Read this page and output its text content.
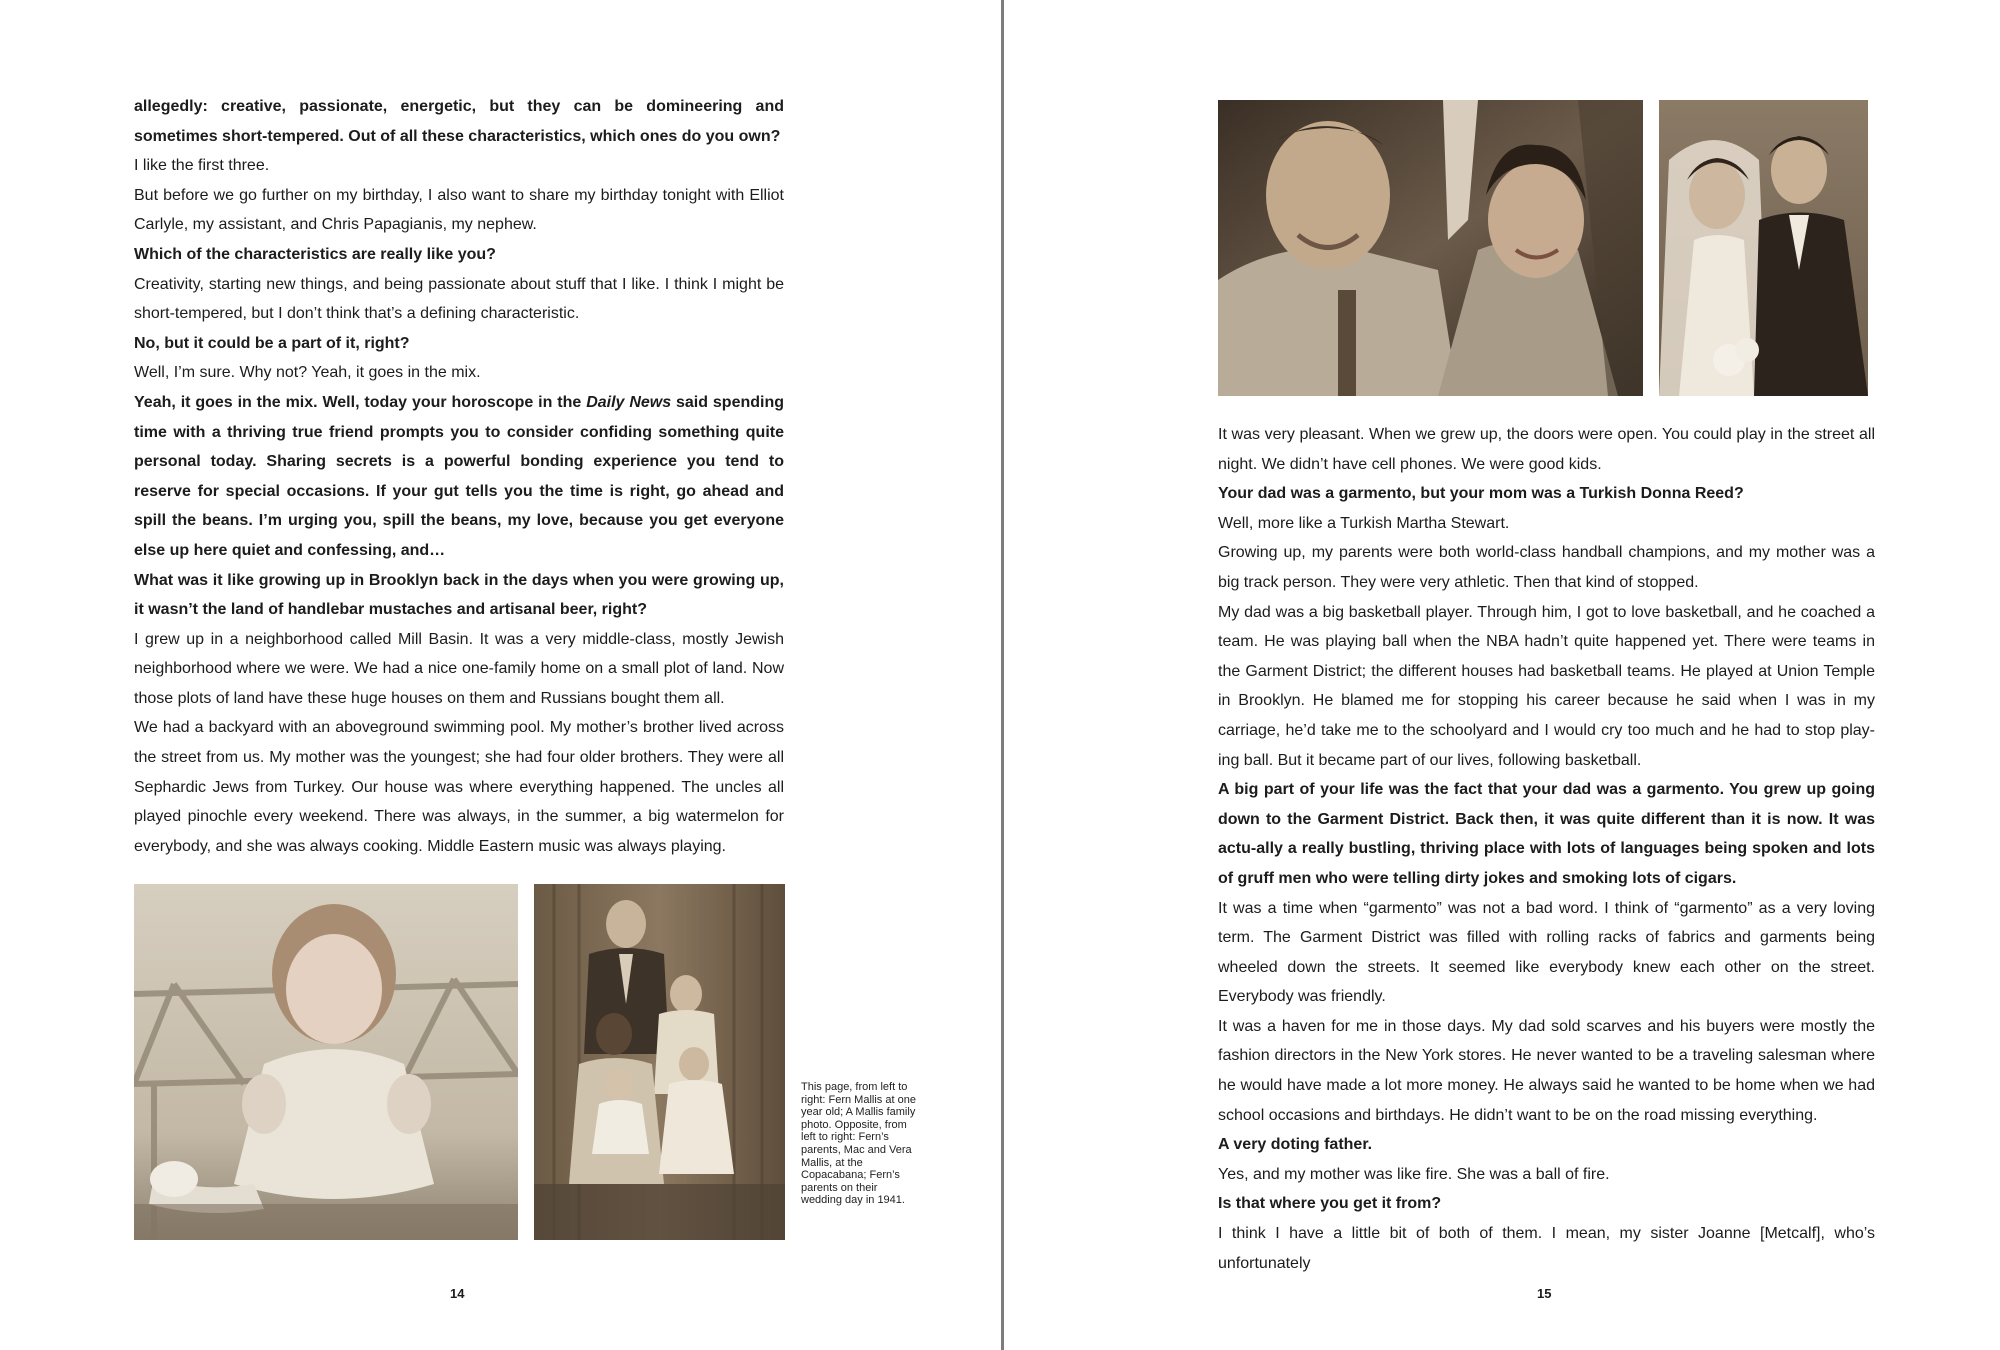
allegedly: creative, passionate, energetic, but they can be domineering and sometimes short-tempered. Out of all these characteristics, which ones do you own?

I like the first three.

But before we go further on my birthday, I also want to share my birthday tonight with Elliot Carlyle, my assistant, and Chris Papagianis, my nephew.

Which of the characteristics are really like you?

Creativity, starting new things, and being passionate about stuff that I like. I think I might be short-tempered, but I don’t think that’s a defining characteristic.

No, but it could be a part of it, right?

Well, I’m sure. Why not? Yeah, it goes in the mix.

Yeah, it goes in the mix. Well, today your horoscope in the Daily News said spending time with a thriving true friend prompts you to consider confiding something quite personal today. Sharing secrets is a powerful bonding experience you tend to reserve for special occasions. If your gut tells you the time is right, go ahead and spill the beans. I’m urging you, spill the beans, my love, because you get everyone else up here quiet and confessing, and…

What was it like growing up in Brooklyn back in the days when you were growing up, it wasn’t the land of handlebar mustaches and artisanal beer, right?

I grew up in a neighborhood called Mill Basin. It was a very middle-class, mostly Jewish neighborhood where we were. We had a nice one-family home on a small plot of land. Now those plots of land have these huge houses on them and Russians bought them all.

We had a backyard with an aboveground swimming pool. My mother’s brother lived across the street from us. My mother was the youngest; she had four older brothers. They were all Sephardic Jews from Turkey. Our house was where everything happened. The uncles all played pinochle every weekend. There was always, in the summer, a big watermelon for everybody, and she was always cooking. Middle Eastern music was always playing.

This page, from left to right: Fern Mallis at one year old; A Mallis family photo. Opposite, from left to right: Fern’s parents, Mac and Vera Mallis, at the Copacabana; Fern’s parents on their wedding day in 1941.
14

It was very pleasant. When we grew up, the doors were open. You could play in the street all night. We didn’t have cell phones. We were good kids.

Your dad was a garmento, but your mom was a Turkish Donna Reed?

Well, more like a Turkish Martha Stewart.

Growing up, my parents were both world-class handball champions, and my mother was a big track person. They were very athletic. Then that kind of stopped.

My dad was a big basketball player. Through him, I got to love basketball, and he coached a team. He was playing ball when the NBA hadn’t quite happened yet. There were teams in the Garment District; the different houses had basketball teams. He played at Union Temple in Brooklyn. He blamed me for stopping his career because he said when I was in my carriage, he’d take me to the schoolyard and I would cry too much and he had to stop play-ing ball. But it became part of our lives, following basketball.

A big part of your life was the fact that your dad was a garmento. You grew up going down to the Garment District. Back then, it was quite different than it is now. It was actu-ally a really bustling, thriving place with lots of languages being spoken and lots of gruff men who were telling dirty jokes and smoking lots of cigars.

It was a time when “garmento” was not a bad word. I think of “garmento” as a very loving term. The Garment District was filled with rolling racks of fabrics and garments being wheeled down the streets. It seemed like everybody knew each other on the street. Everybody was friendly.

It was a haven for me in those days. My dad sold scarves and his buyers were mostly the fashion directors in the New York stores. He never wanted to be a traveling salesman where he would have made a lot more money. He always said he wanted to be home when we had school occasions and birthdays. He didn’t want to be on the road missing everything.

A very doting father.

Yes, and my mother was like fire. She was a ball of fire.

Is that where you get it from?

I think I have a little bit of both of them. I mean, my sister Joanne [Metcalf], who’s unfortunately

15
